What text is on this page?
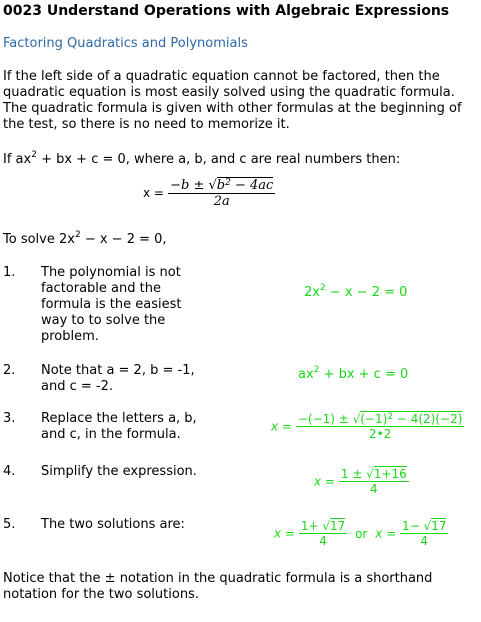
0023 Understand Operations with Algebraic Expressions
Factoring Quadratics and Polynomials
If the left side of a quadratic equation cannot be factored, then the quadratic equation is most easily solved using the quadratic formula. The quadratic formula is given with other formulas at the beginning of the test, so there is no need to memorize it.
If $ax^2$ + bx + c = 0, where a, b, and c are real numbers then:
$x = \frac{-b \pm √b^2 - 4ac}{2a}$
To solve $2x^2 - x - 2 = 0$,
1. The polynomial is not factorable and the formula is the easiest way to to solve the problem.
$2x^2 - x - 2 = 0$
2. Note that a = 2, b = -1, and c = -2.
$ax^2$ + bx + c = 0
3. Replace the letters a, b, and c, in the formula.
$x = \frac{-(-1) \pm √(-1)^2 - 4(2)(-2)}{2•2}$
4. Simplify the expression.
$x = \frac{1 \pm √1+16}{4}$
5. The two solutions are:
$x = \frac{1+ √17}{4}$ or $x = \frac{1- √17}{4}$
Notice that the ± notation in the quadratic formula is a shorthand notation for the two solutions.
